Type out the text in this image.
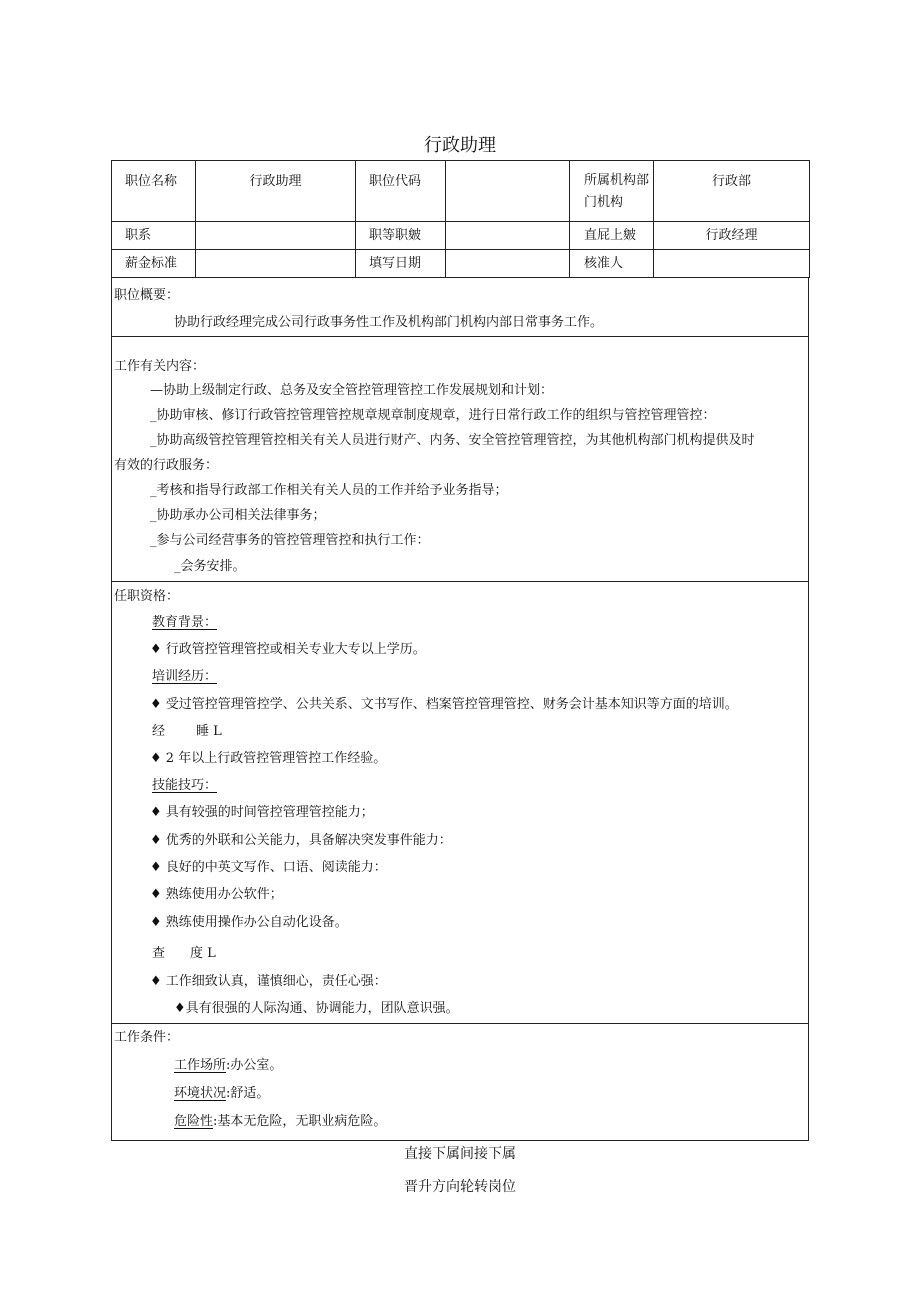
行政助理
职位名称	行政助理	职位代码		所属机构部门机构	行政部
职系		职等职皴		直屁上皴	行政经理
薪金标准		填写日期		核准人	
职位概要：
协助行政经理完成公司行政事务性工作及机构部门机构内部日常事务工作。
工作有关内容：
—协助上级制定行政、总务及安全管控管理管控工作发展规划和计划：
_协助审核、修订行政管控管理管控规章规章制度规章，进行日常行政工作的组织与管控管理管控：
_协助高级管控管理管控相关有关人员进行财产、内务、安全管控管理管控，为其他机构部门机构提供及时
有效的行政服务：
_考核和指导行政部工作相关有关人员的工作并给予业务指导；
_协助承办公司相关法律事务；
_参与公司经营事务的管控管理管控和执行工作：
_会务安排。
任职资格：
教育背景：
♦ 行政管控管理管控或相关专业大专以上学历。
培训经历：
♦ 受过管控管理管控学、公共关系、文书写作、档案管控管理管控、财务会计基本知识等方面的培训。
经 睡 L
♦ 2 年以上行政管控管理管控工作经验。
技能技巧：
♦ 具有较强的时间管控管理管控能力；
♦ 优秀的外联和公关能力，具备解决突发事件能力：
♦ 良好的中英文写作、口语、阅读能力：
♦ 熟练使用办公软件；
♦ 熟练使用操作办公自动化设备。
查 度 L
♦ 工作细致认真，谨慎细心，责任心强：
♦具有很强的人际沟通、协调能力，团队意识强。
工作条件：
工作场所:办公室。
环境状况:舒适。
危险性:基本无危险，无职业病危险。
直接下属间接下属
晋升方向轮转岗位
